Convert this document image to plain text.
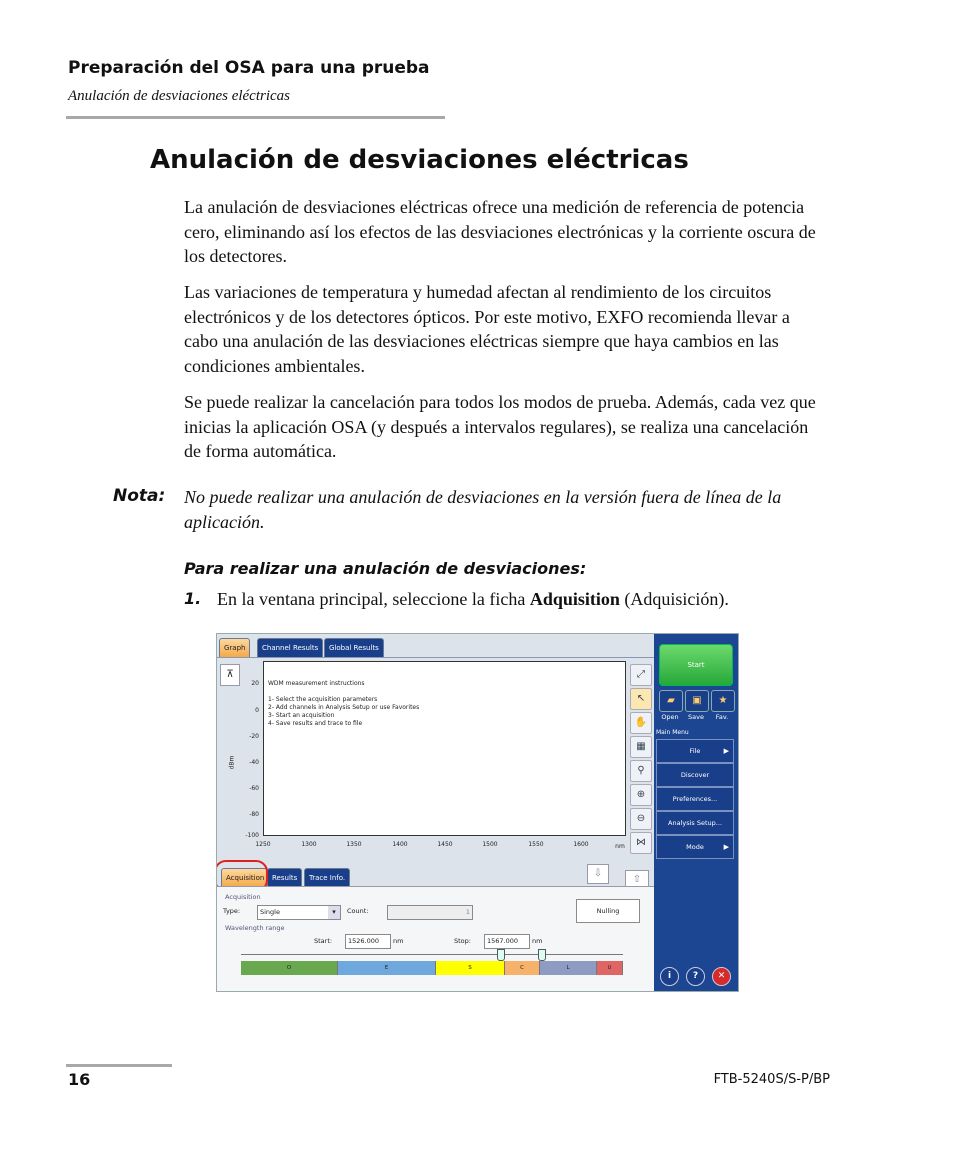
Preparación del OSA para una prueba
Anulación de desviaciones eléctricas
Anulación de desviaciones eléctricas
La anulación de desviaciones eléctricas ofrece una medición de referencia de potencia cero, eliminando así los efectos de las desviaciones electrónicas y la corriente oscura de los detectores.
Las variaciones de temperatura y humedad afectan al rendimiento de los circuitos electrónicos y de los detectores ópticos. Por este motivo, EXFO recomienda llevar a cabo una anulación de las desviaciones eléctricas siempre que haya cambios en las condiciones ambientales.
Se puede realizar la cancelación para todos los modos de prueba. Además, cada vez que inicias la aplicación OSA (y después a intervalos regulares), se realiza una cancelación de forma automática.
Nota: No puede realizar una anulación de desviaciones en la versión fuera de línea de la aplicación.
Para realizar una anulación de desviaciones:
1. En la ventana principal, seleccione la ficha Adquisition (Adquisición).
Graph	Channel Results	Global Results
⊼
20
0
-20
-40
-60
-80
-100
dBm
WDM measurement instructions
1- Select the acquisition parameters
2- Add channels in Analysis Setup or use Favorites
3- Start an acquisition
4- Save results and trace to file
1250	1300	1350	1400	1450	1500	1550	1600	nm
⤢
↖
✋
▦
⚲
⊕
⊖
⋈
⇩
⇧
Acquisition	Results	Trace Info.
Acquisition
Type:	Single	▾	Count:	1	Nulling
Wavelength range
Start:	1526.000	nm	Stop:	1567.000	nm
O	E	S	C	L	U
Start
▰	▣	★
Open	Save	Fav.
Main Menu
File	▶
Discover
Preferences...
Analysis Setup...
Mode	▶
i	?	✕
16	FTB-5240S/S-P/BP
